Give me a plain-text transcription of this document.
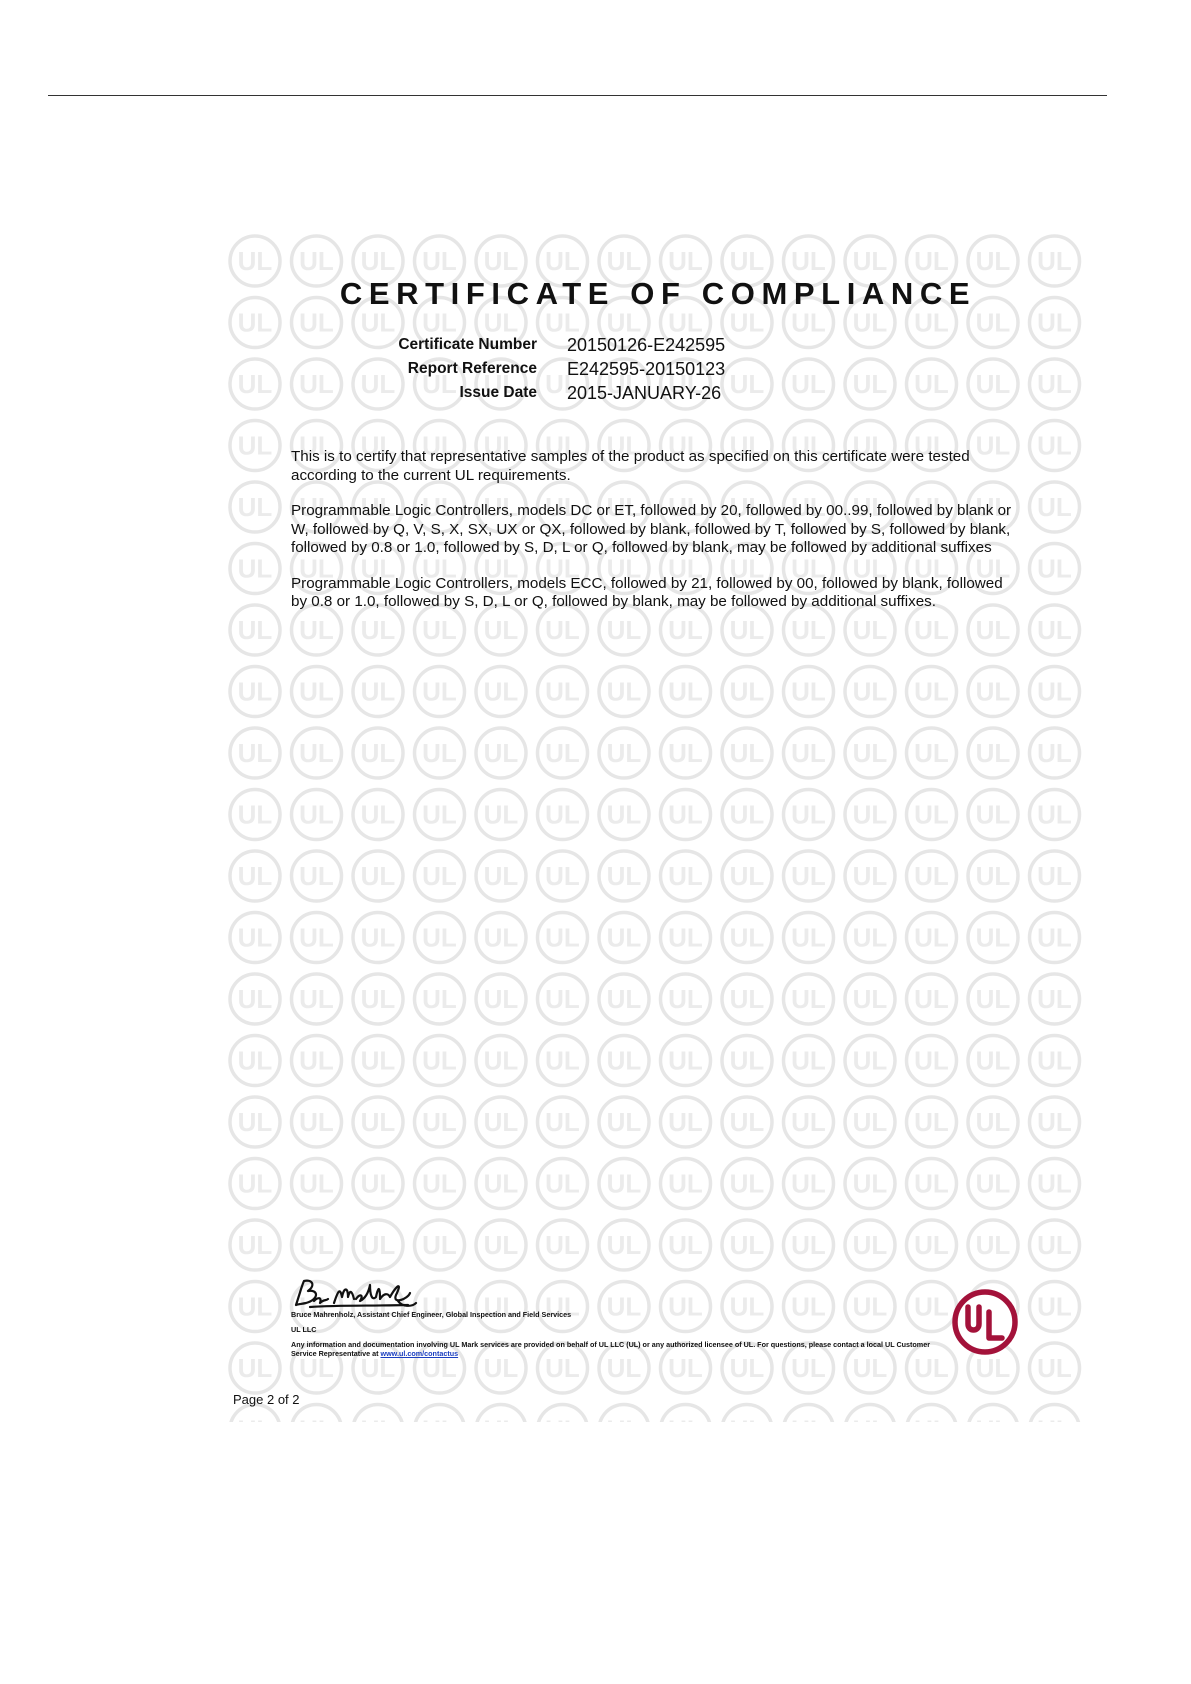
CERTIFICATE OF COMPLIANCE
Certificate Number 20150126-E242595
Report Reference E242595-20150123
Issue Date 2015-JANUARY-26

This is to certify that representative samples of the product as specified on this certificate were tested according to the current UL requirements.

Programmable Logic Controllers, models DC or ET, followed by 20, followed by 00..99, followed by blank or W, followed by Q, V, S, X, SX, UX or QX, followed by blank, followed by T, followed by S, followed by blank, followed by 0.8 or 1.0, followed by S, D, L or Q, followed by blank, may be followed by additional suffixes

Programmable Logic Controllers, models ECC, followed by 21, followed by 00, followed by blank, followed by 0.8 or 1.0, followed by S, D, L or Q, followed by blank, may be followed by additional suffixes.

Bruce Mahrenholz, Assistant Chief Engineer, Global Inspection and Field Services
UL LLC
Any information and documentation involving UL Mark services are provided on behalf of UL LLC (UL) or any authorized licensee of UL. For questions, please contact a local UL Customer Service Representative at www.ul.com/contactus
Page 2 of 2
